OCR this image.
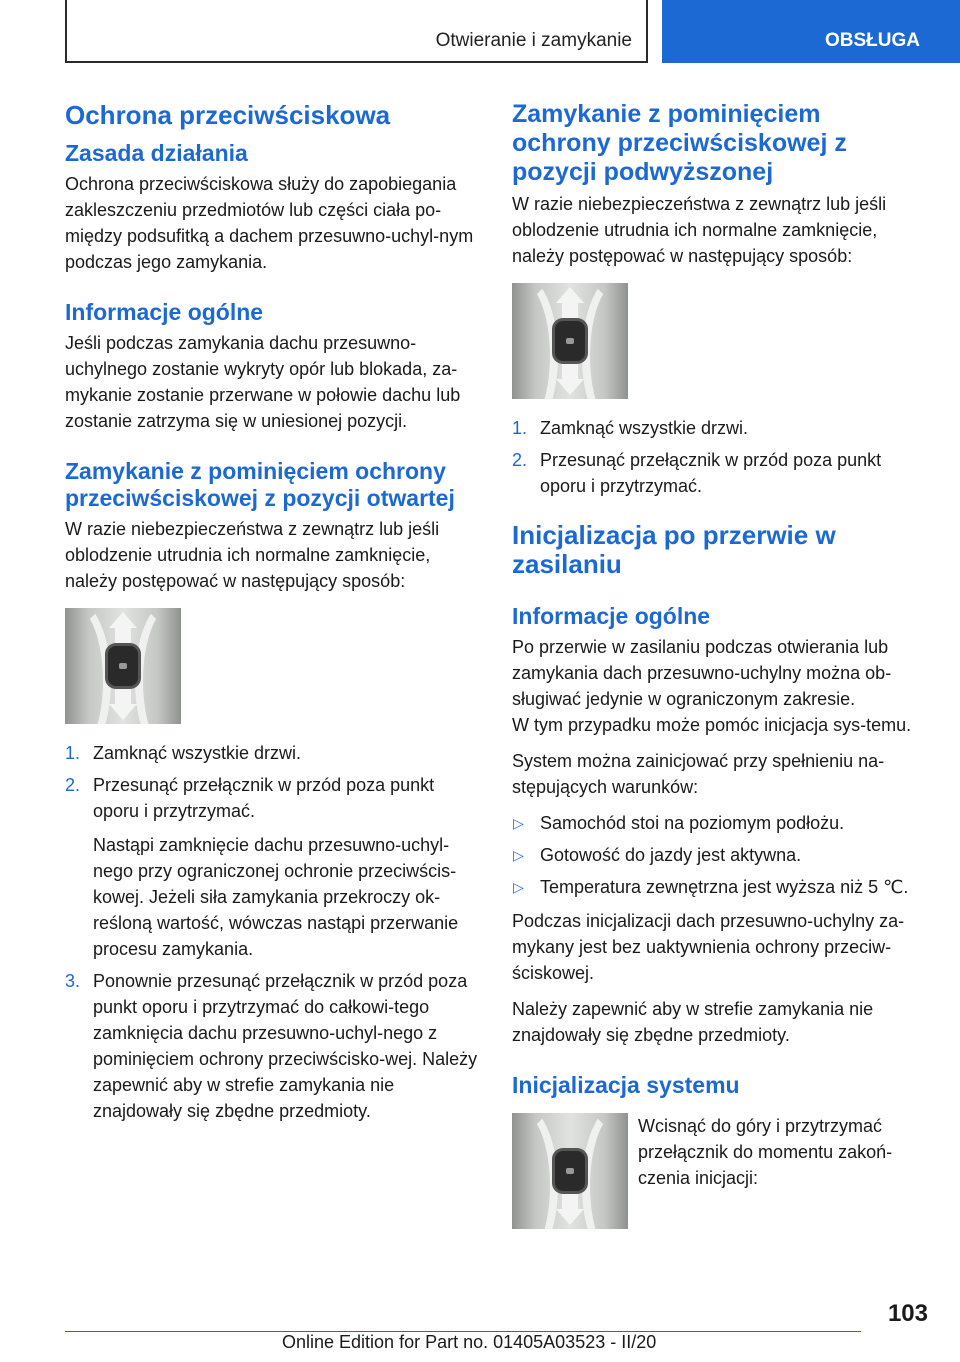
Otwieranie i zamykanie	OBSŁUGA
Ochrona przeciwściskowa
Zasada działania

Ochrona przeciwściskowa służy do zapobiegania zakleszczeniu przedmiotów lub części ciała po-między podsufitką a dachem przesuwno-uchyl-nym podczas jego zamykania.

Informacje ogólne

Jeśli podczas zamykania dachu przesuwno-uchylnego zostanie wykryty opór lub blokada, za-mykanie zostanie przerwane w połowie dachu lub zostanie zatrzyma się w uniesionej pozycji.

Zamykanie z pominięciem ochrony przeciwściskowej z pozycji otwartej

W razie niebezpieczeństwa z zewnątrz lub jeśli oblodzenie utrudnia ich normalne zamknięcie, należy postępować w następujący sposób:

1. Zamknąć wszystkie drzwi.
2. Przesunąć przełącznik w przód poza punkt oporu i przytrzymać.
Nastąpi zamknięcie dachu przesuwno-uchyl-nego przy ograniczonej ochronie przeciwścis-kowej. Jeżeli siła zamykania przekroczy ok-reśloną wartość, wówczas nastąpi przerwanie procesu zamykania.
3. Ponownie przesunąć przełącznik w przód poza punkt oporu i przytrzymać do całkowi-tego zamknięcia dachu przesuwno-uchyl-nego z pominięciem ochrony przeciwścisko-wej. Należy zapewnić aby w strefie zamykania nie znajdowały się zbędne przedmioty.
Zamykanie z pominięciem ochrony przeciwściskowej z pozycji podwyższonej

W razie niebezpieczeństwa z zewnątrz lub jeśli oblodzenie utrudnia ich normalne zamknięcie, należy postępować w następujący sposób:

1. Zamknąć wszystkie drzwi.
2. Przesunąć przełącznik w przód poza punkt oporu i przytrzymać.
Inicjalizacja po przerwie w zasilaniu
Informacje ogólne

Po przerwie w zasilaniu podczas otwierania lub zamykania dach przesuwno-uchylny można ob-sługiwać jedynie w ograniczonym zakresie.

W tym przypadku może pomóc inicjacja sys-temu.

System można zainicjować przy spełnieniu na-stępujących warunków:

▷ Samochód stoi na poziomym podłożu.
▷ Gotowość do jazdy jest aktywna.
▷ Temperatura zewnętrzna jest wyższa niż 5 ℃.

Podczas inicjalizacji dach przesuwno-uchylny za-mykany jest bez uaktywnienia ochrony przeciw-ściskowej.

Należy zapewnić aby w strefie zamykania nie znajdowały się zbędne przedmioty.

Inicjalizacja systemu

Wcisnąć do góry i przytrzymać przełącznik do momentu zakoń-czenia inicjacji:

103
Online Edition for Part no. 01405A03523 - II/20
